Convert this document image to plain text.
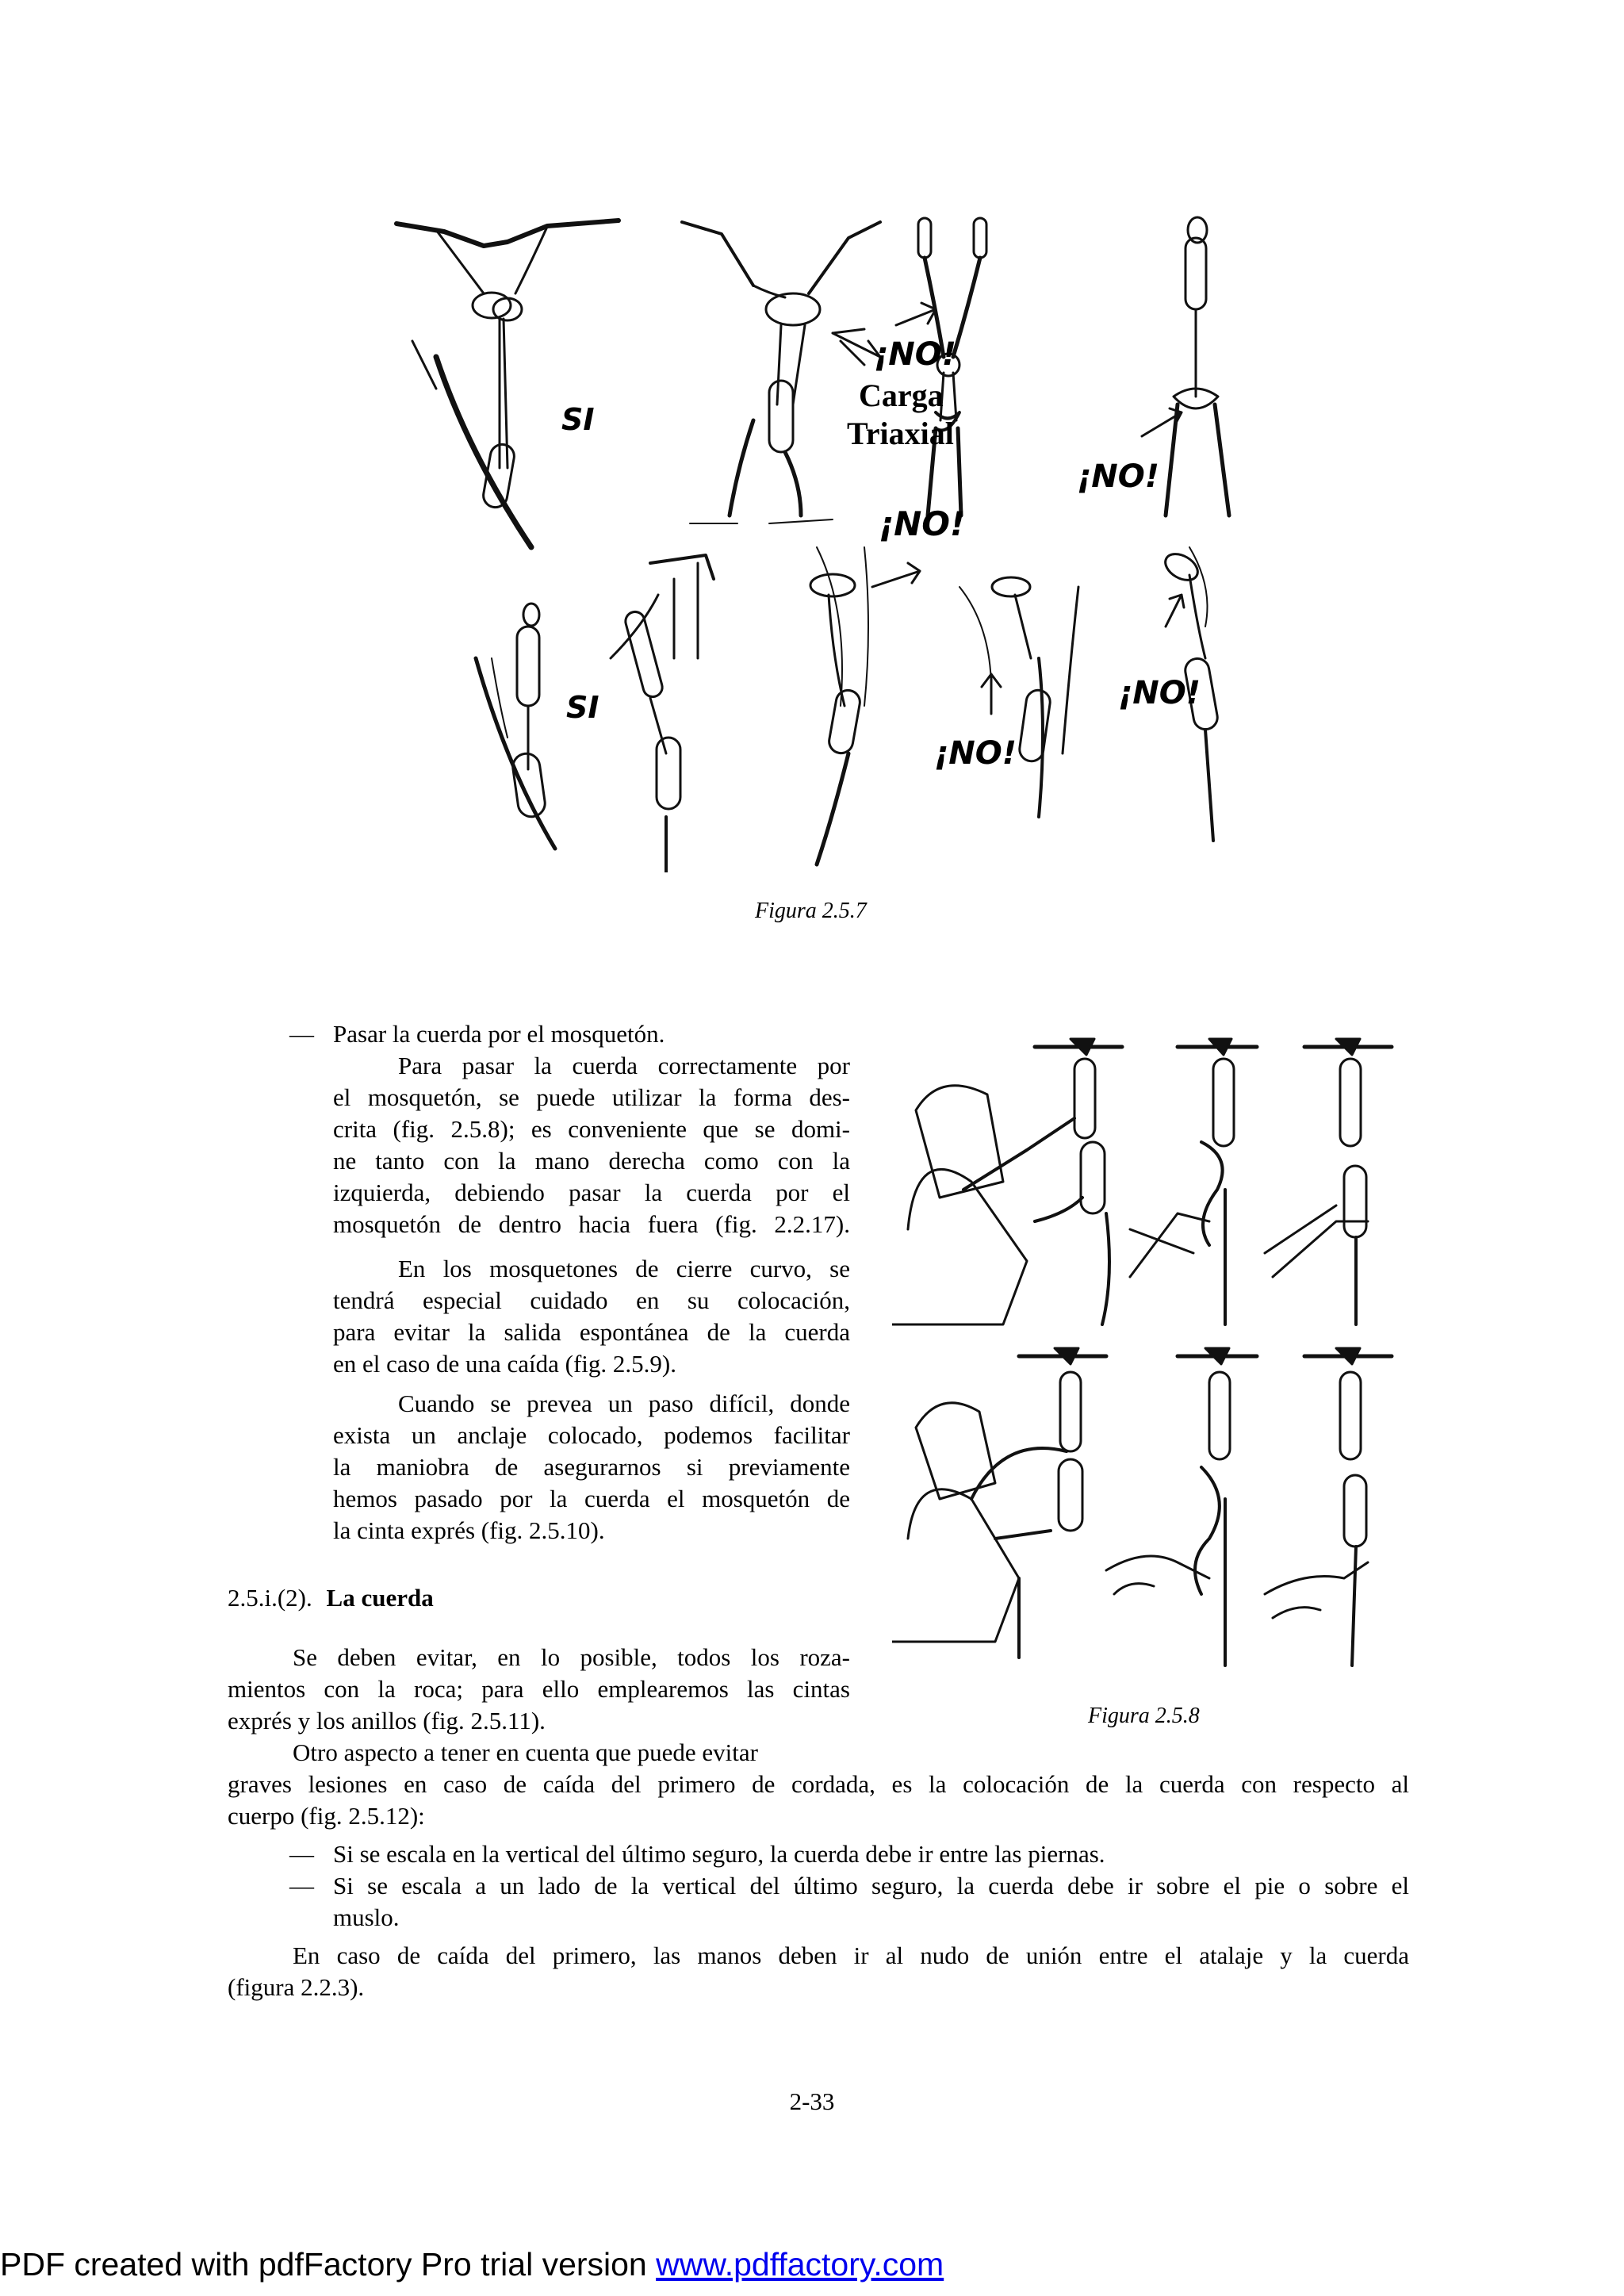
SI
¡NO!
Carga
Triaxial
¡NO!
¡NO!
SI
¡NO!
¡NO!
Figura 2.5.7
Figura 2.5.8
— Pasar la cuerda por el mosquetón.
Para pasar la cuerda correctamente por
el mosquetón, se puede utilizar la forma des-
crita (fig. 2.5.8); es conveniente que se domi-
ne tanto con la mano derecha como con la
izquierda, debiendo pasar la cuerda por el
mosquetón de dentro hacia fuera (fig. 2.2.17).
En los mosquetones de cierre curvo, se
tendrá especial cuidado en su colocación,
para evitar la salida espontánea de la cuerda
en el caso de una caída (fig. 2.5.9).
Cuando se prevea un paso difícil, donde
exista un anclaje colocado, podemos facilitar
la maniobra de asegurarnos si previamente
hemos pasado por la cuerda el mosquetón de
la cinta exprés (fig. 2.5.10).
2.5.i.(2). La cuerda
Se deben evitar, en lo posible, todos los roza-
mientos con la roca; para ello emplearemos las cintas
exprés y los anillos (fig. 2.5.11).
Otro aspecto a tener en cuenta que puede evitar
graves lesiones en caso de caída del primero de cordada, es la colocación de la cuerda con respecto al
cuerpo (fig. 2.5.12):
— Si se escala en la vertical del último seguro, la cuerda debe ir entre las piernas.
— Si se escala a un lado de la vertical del último seguro, la cuerda debe ir sobre el pie o sobre el
muslo.
En caso de caída del primero, las manos deben ir al nudo de unión entre el atalaje y la cuerda
(figura 2.2.3).
2-33
PDF created with pdfFactory Pro trial version www.pdffactory.com
